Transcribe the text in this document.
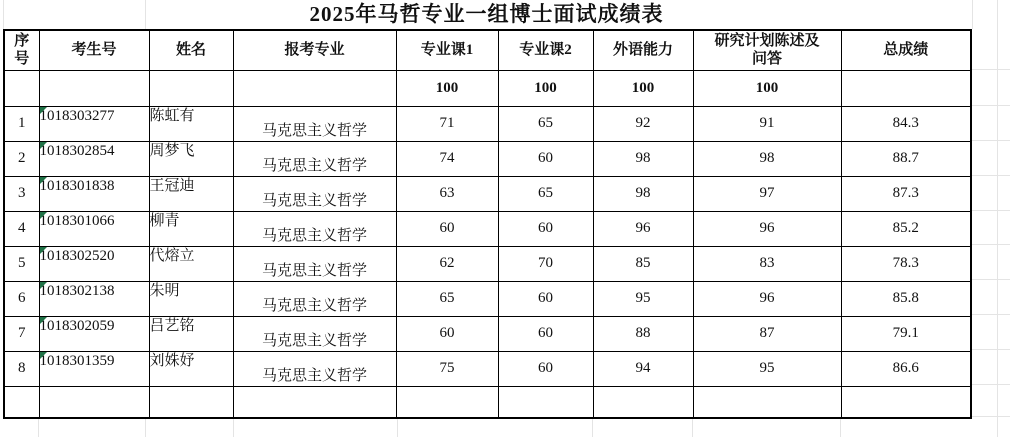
2025年马哲专业一组博士面试成绩表
序号	考生号	姓名	报考专业	专业课1	专业课2	外语能力	研究计划陈述及问答	总成绩
				100	100	100	100	
1	1018303277	陈虹有	马克思主义哲学	71	65	92	91	84.3
2	1018302854	周梦飞	马克思主义哲学	74	60	98	98	88.7
3	1018301838	王冠迪	马克思主义哲学	63	65	98	97	87.3
4	1018301066	柳青	马克思主义哲学	60	60	96	96	85.2
5	1018302520	代熔立	马克思主义哲学	62	70	85	83	78.3
6	1018302138	朱明	马克思主义哲学	65	60	95	96	85.8
7	1018302059	吕艺铭	马克思主义哲学	60	60	88	87	79.1
8	1018301359	刘姝妤	马克思主义哲学	75	60	94	95	86.6
